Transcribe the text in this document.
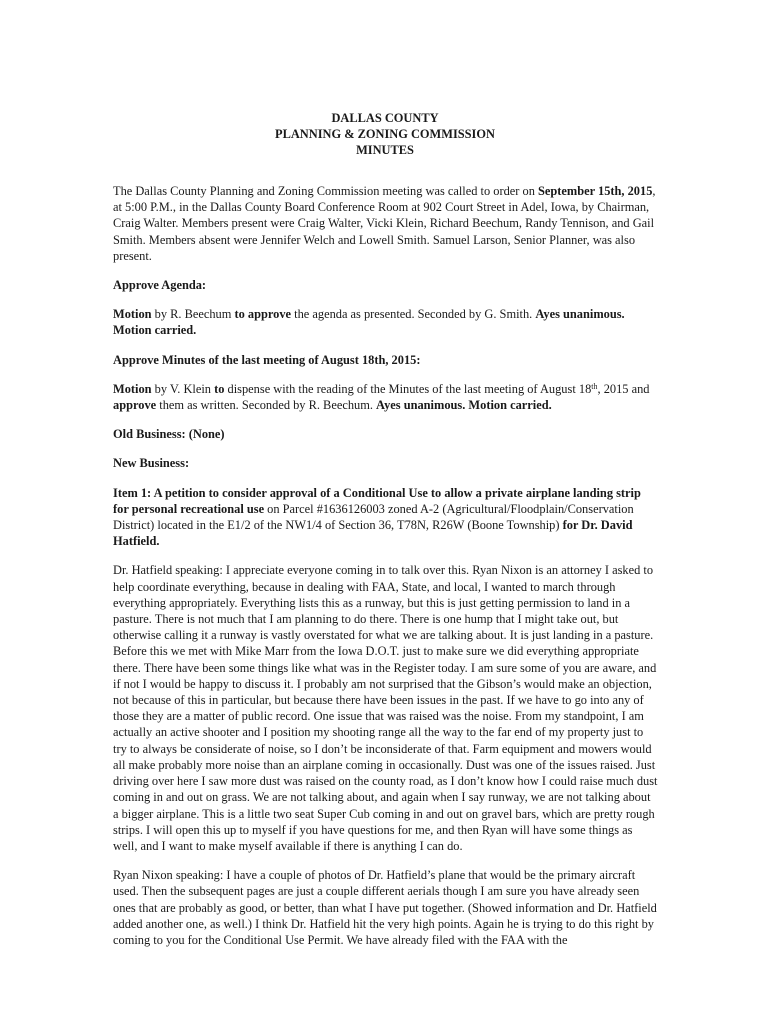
DALLAS COUNTY
PLANNING & ZONING COMMISSION
MINUTES

The Dallas County Planning and Zoning Commission meeting was called to order on September 15th, 2015, at 5:00 P.M., in the Dallas County Board Conference Room at 902 Court Street in Adel, Iowa, by Chairman, Craig Walter. Members present were Craig Walter, Vicki Klein, Richard Beechum, Randy Tennison, and Gail Smith. Members absent were Jennifer Welch and Lowell Smith. Samuel Larson, Senior Planner, was also present.

Approve Agenda:

Motion by R. Beechum to approve the agenda as presented. Seconded by G. Smith. Ayes unanimous. Motion carried.

Approve Minutes of the last meeting of August 18th, 2015:

Motion by V. Klein to dispense with the reading of the Minutes of the last meeting of August 18th, 2015 and approve them as written. Seconded by R. Beechum. Ayes unanimous. Motion carried.

Old Business: (None)

New Business:

Item 1: A petition to consider approval of a Conditional Use to allow a private airplane landing strip for personal recreational use on Parcel #1636126003 zoned A-2 (Agricultural/Floodplain/Conservation District) located in the E1/2 of the NW1/4 of Section 36, T78N, R26W (Boone Township) for Dr. David Hatfield.

Dr. Hatfield speaking: I appreciate everyone coming in to talk over this. Ryan Nixon is an attorney I asked to help coordinate everything, because in dealing with FAA, State, and local, I wanted to march through everything appropriately. Everything lists this as a runway, but this is just getting permission to land in a pasture. There is not much that I am planning to do there. There is one hump that I might take out, but otherwise calling it a runway is vastly overstated for what we are talking about. It is just landing in a pasture. Before this we met with Mike Marr from the Iowa D.O.T. just to make sure we did everything appropriate there. There have been some things like what was in the Register today. I am sure some of you are aware, and if not I would be happy to discuss it. I probably am not surprised that the Gibson’s would make an objection, not because of this in particular, but because there have been issues in the past. If we have to go into any of those they are a matter of public record. One issue that was raised was the noise. From my standpoint, I am actually an active shooter and I position my shooting range all the way to the far end of my property just to try to always be considerate of noise, so I don’t be inconsiderate of that. Farm equipment and mowers would all make probably more noise than an airplane coming in occasionally. Dust was one of the issues raised. Just driving over here I saw more dust was raised on the county road, as I don’t know how I could raise much dust coming in and out on grass. We are not talking about, and again when I say runway, we are not talking about a bigger airplane. This is a little two seat Super Cub coming in and out on gravel bars, which are pretty rough strips. I will open this up to myself if you have questions for me, and then Ryan will have some things as well, and I want to make myself available if there is anything I can do.

Ryan Nixon speaking: I have a couple of photos of Dr. Hatfield’s plane that would be the primary aircraft used. Then the subsequent pages are just a couple different aerials though I am sure you have already seen ones that are probably as good, or better, than what I have put together. (Showed information and Dr. Hatfield added another one, as well.) I think Dr. Hatfield hit the very high points. Again he is trying to do this right by coming to you for the Conditional Use Permit. We have already filed with the FAA with the
